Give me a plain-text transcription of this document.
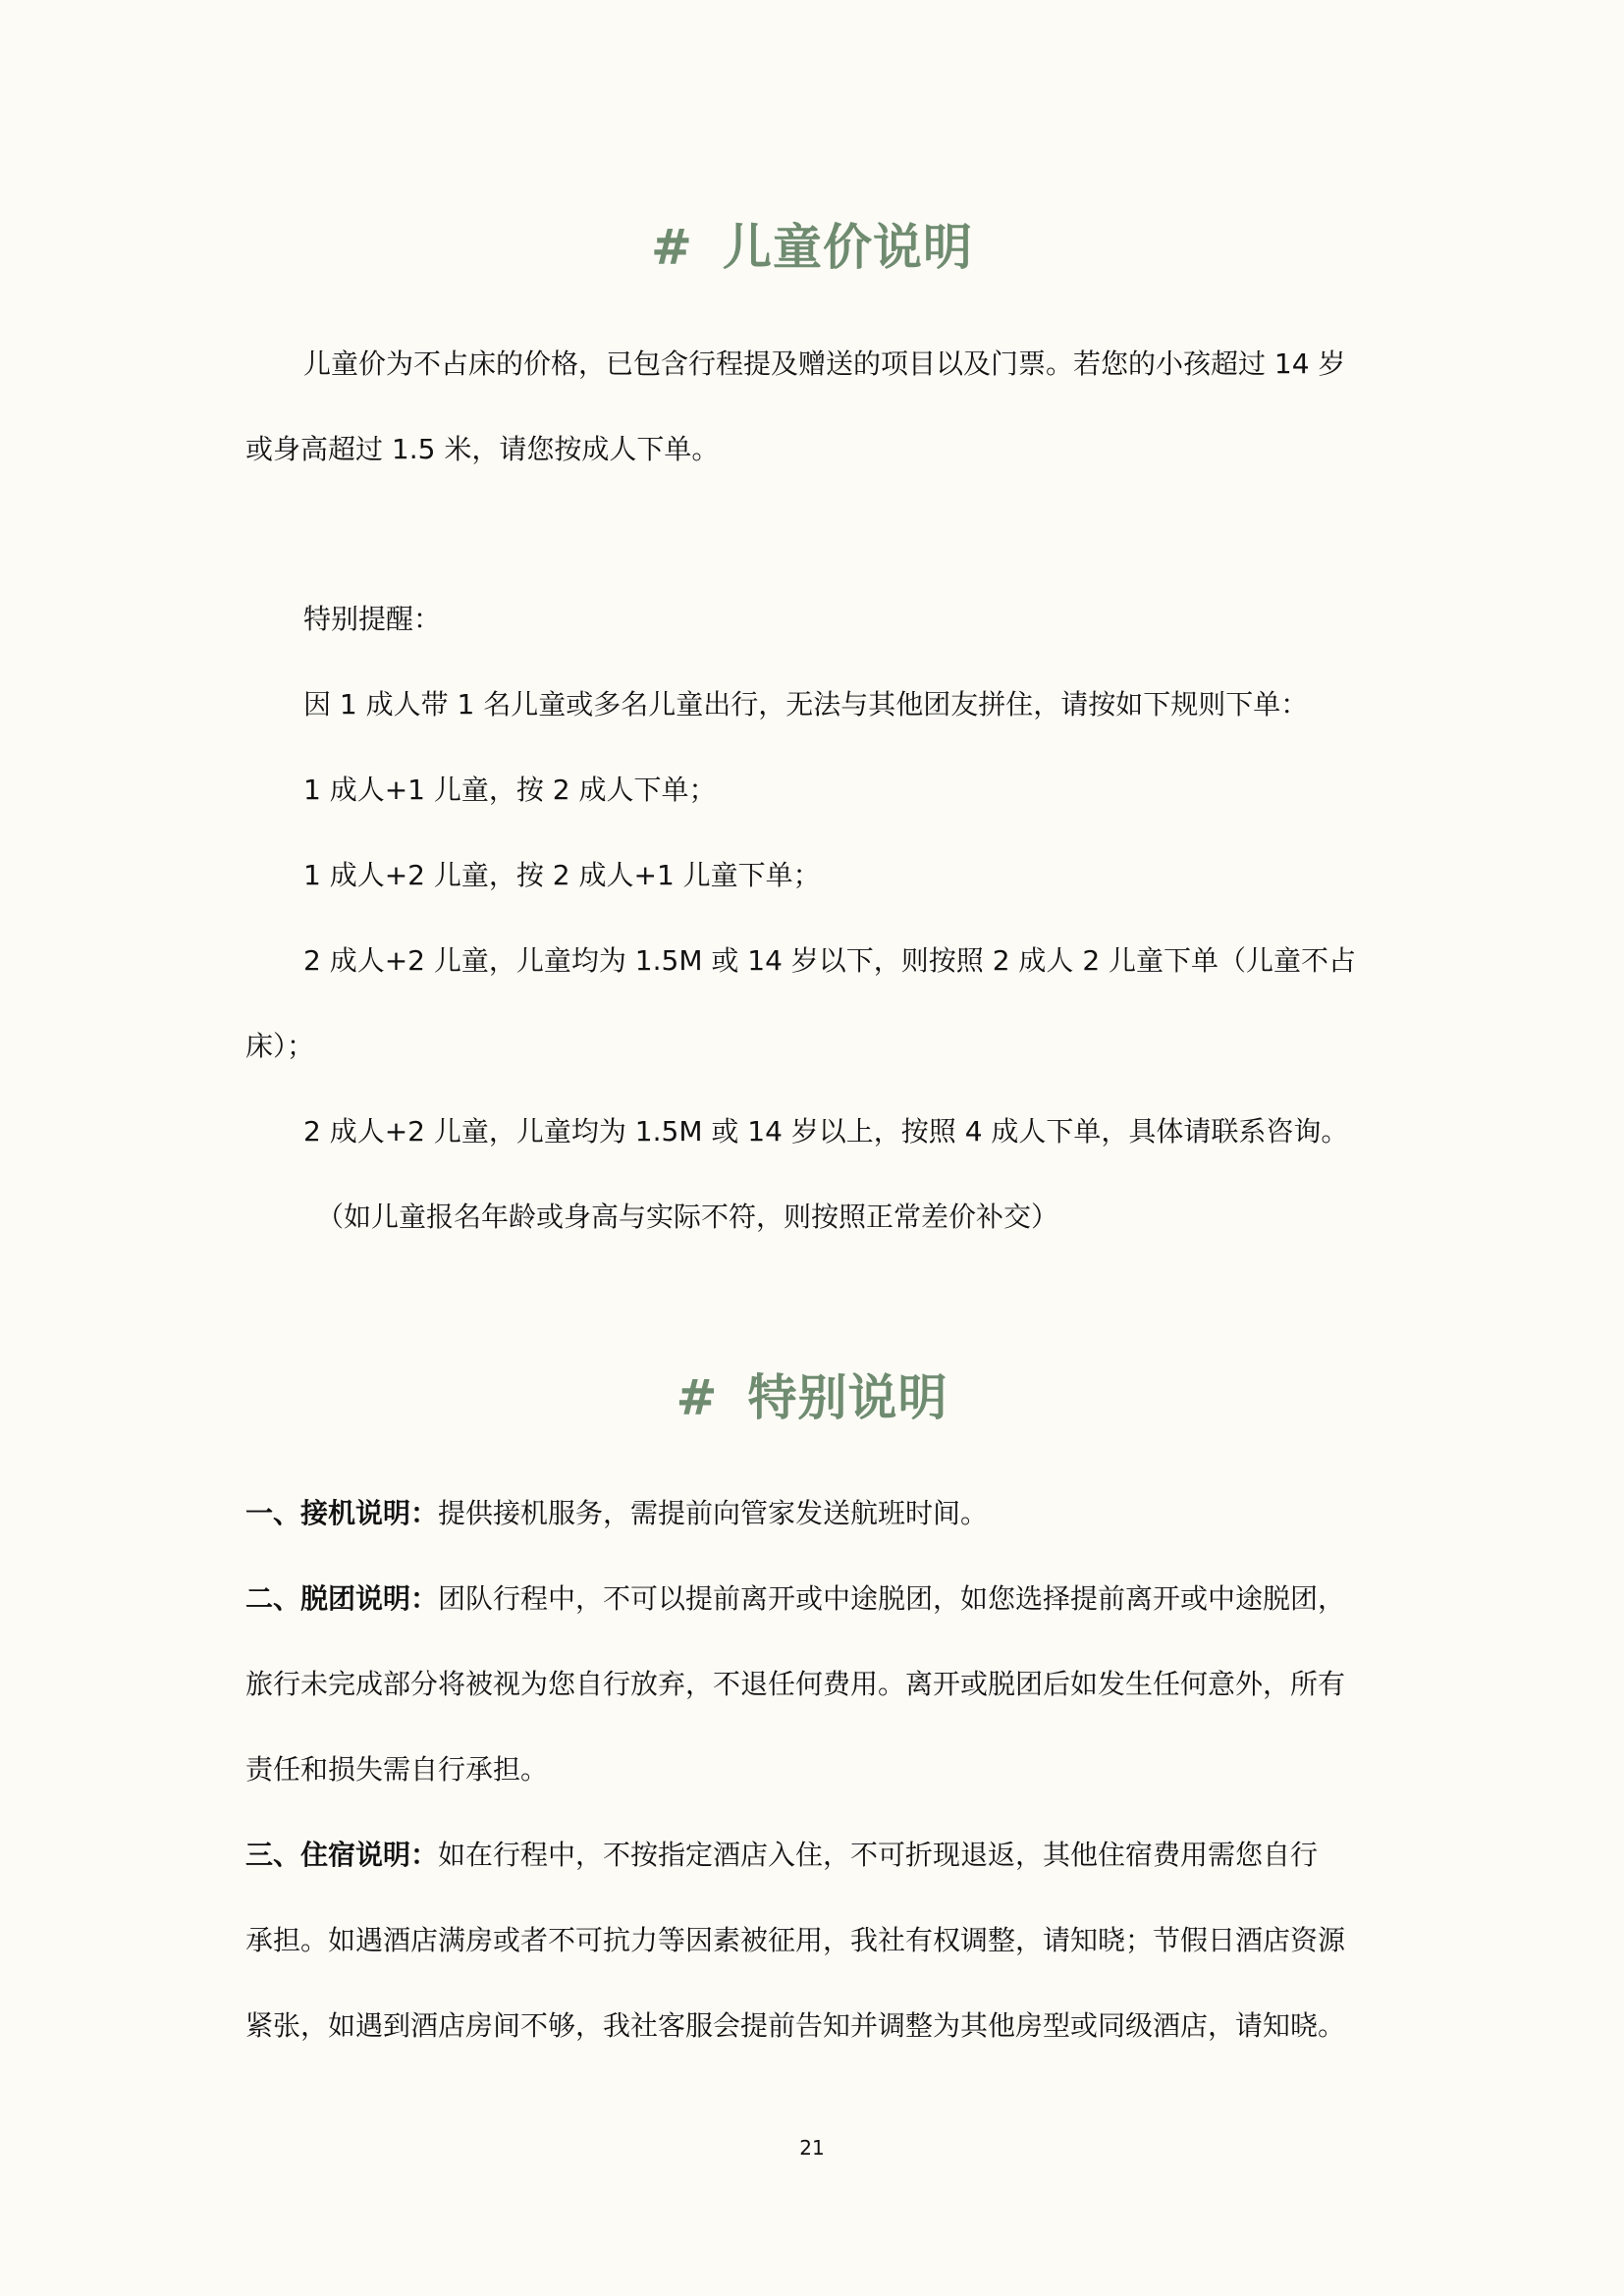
# 儿童价说明
儿童价为不占床的价格，已包含行程提及赠送的项目以及门票。若您的小孩超过 14 岁
或身高超过 1.5 米，请您按成人下单。
特别提醒：
因 1 成人带 1 名儿童或多名儿童出行，无法与其他团友拼住，请按如下规则下单：
1 成人+1 儿童，按 2 成人下单；
1 成人+2 儿童，按 2 成人+1 儿童下单；
2 成人+2 儿童，儿童均为 1.5M 或 14 岁以下，则按照 2 成人 2 儿童下单（儿童不占
床）；
2 成人+2 儿童，儿童均为 1.5M 或 14 岁以上，按照 4 成人下单，具体请联系咨询。
（如儿童报名年龄或身高与实际不符，则按照正常差价补交）
# 特别说明
一、接机说明：提供接机服务，需提前向管家发送航班时间。
二、脱团说明：团队行程中，不可以提前离开或中途脱团，如您选择提前离开或中途脱团，
旅行未完成部分将被视为您自行放弃，不退任何费用。离开或脱团后如发生任何意外，所有
责任和损失需自行承担。
三、住宿说明：如在行程中，不按指定酒店入住，不可折现退返，其他住宿费用需您自行
承担。如遇酒店满房或者不可抗力等因素被征用，我社有权调整，请知晓；节假日酒店资源
紧张，如遇到酒店房间不够，我社客服会提前告知并调整为其他房型或同级酒店，请知晓。
21
